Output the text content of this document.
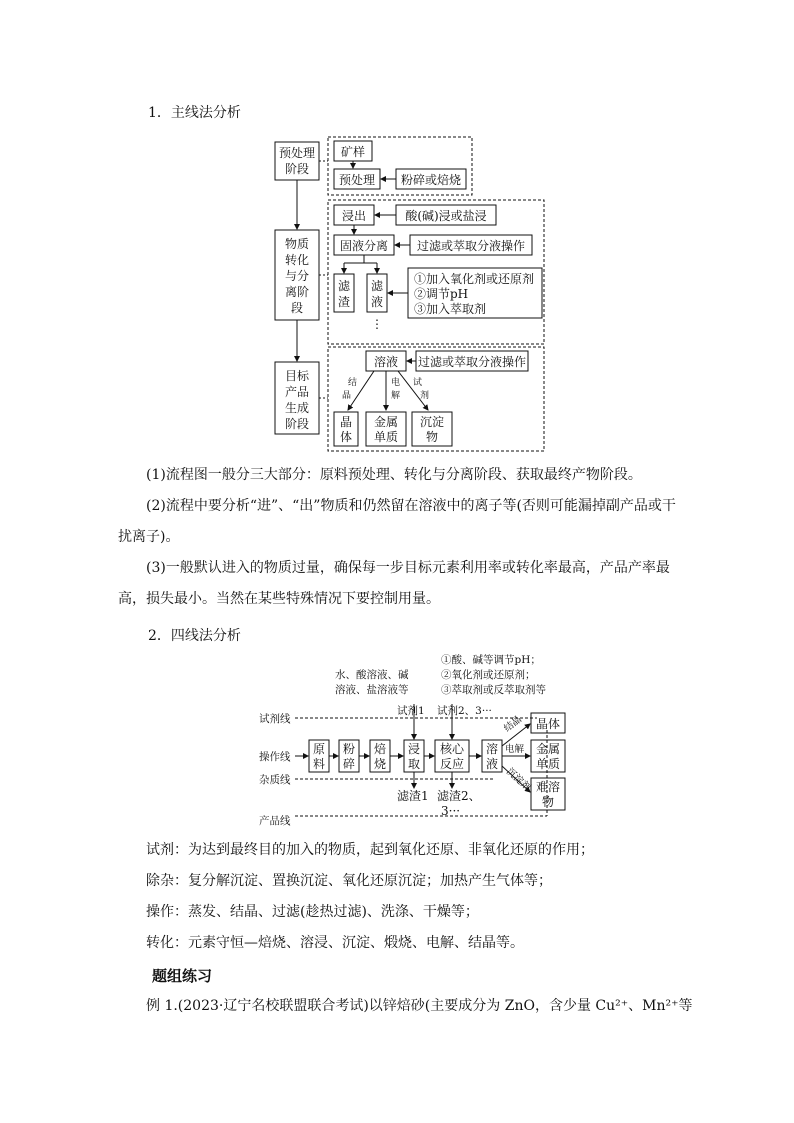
1．主线法分析
预处理
阶段
物质
转化
与分
离阶
段
目标
产品
生成
阶段
矿样
预处理 粉碎或焙烧
浸出	酸(碱)浸或盐浸
固液分离 过滤或萃取分液操作
滤
渣
滤
液
⋮
①加入氧化剂或还原剂
②调节pH
③加入萃取剂
溶液 过滤或萃取分液操作
结
晶
电
解
试
剂
晶
体
金属
单质
沉淀
物
(1)流程图一般分三大部分：原料预处理、转化与分离阶段、获取最终产物阶段。
(2)流程中要分析“进”、“出”物质和仍然留在溶液中的离子等(否则可能漏掉副产品或干扰离子)。
(3)一般默认进入的物质过量，确保每一步目标元素利用率或转化率最高，产品产率最高，损失最小。当然在某些特殊情况下要控制用量。
2．四线法分析
试剂线
操作线
杂质线
产品线
水、酸溶液、碱
溶液、盐溶液等
①酸、碱等调节pH；
②氧化剂或还原剂；
③萃取剂或反萃取剂等
试剂1 试剂2、3···
原
料
粉
碎
焙
烧
浸
取
核心
反应
溶
液
晶体
金属
单质
难溶
物
滤渣1 滤渣2、
3···
电解
结晶
沉淀剂
试剂：为达到最终目的加入的物质，起到氧化还原、非氧化还原的作用；
除杂：复分解沉淀、置换沉淀、氧化还原沉淀；加热产生气体等；
操作：蒸发、结晶、过滤(趁热过滤)、洗涤、干燥等；
转化：元素守恒—焙烧、溶浸、沉淀、煅烧、电解、结晶等。
题组练习
例 1.(2023·辽宁名校联盟联合考试)以锌焙砂(主要成分为 ZnO，含少量 Cu²⁺、Mn²⁺等
